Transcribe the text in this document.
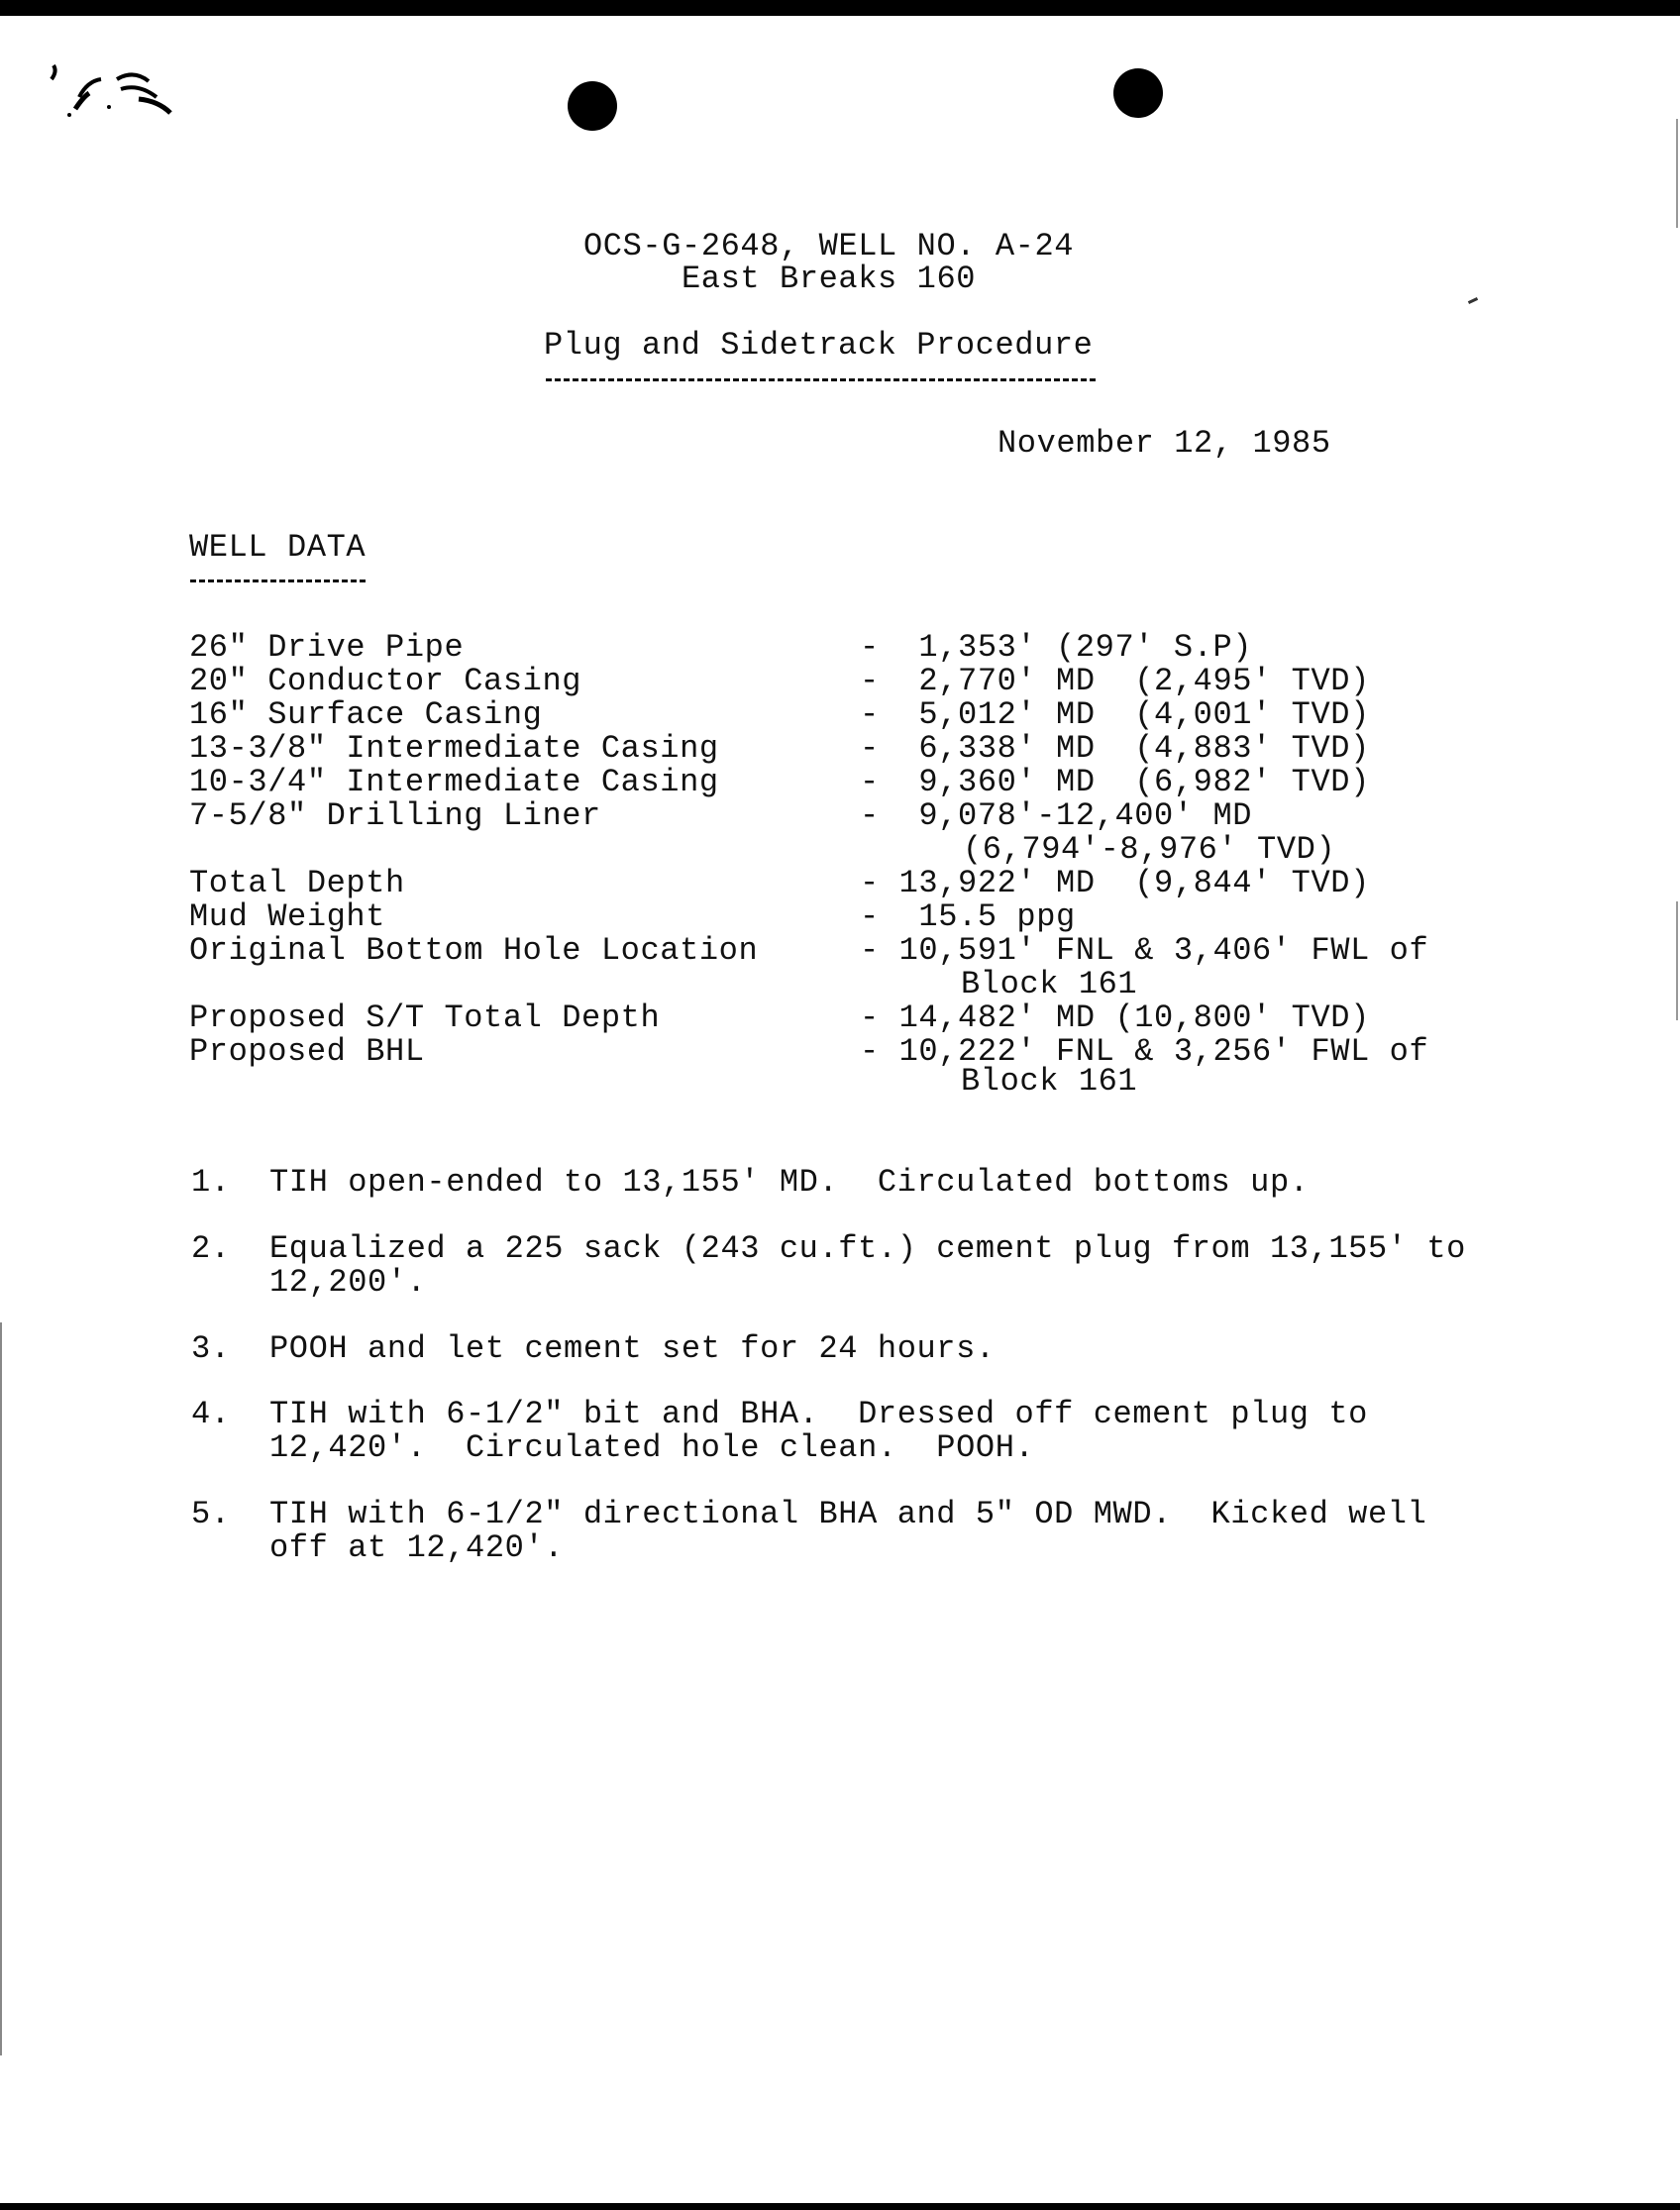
OCS-G-2648, WELL NO. A-24
East Breaks 160
Plug and Sidetrack Procedure
November 12, 1985
WELL DATA
26" Drive Pipe	-  1,353' (297' S.P)
20" Conductor Casing	-  2,770' MD  (2,495' TVD)
16" Surface Casing	-  5,012' MD  (4,001' TVD)
13-3/8" Intermediate Casing	-  6,338' MD  (4,883' TVD)
10-3/4" Intermediate Casing	-  9,360' MD  (6,982' TVD)
7-5/8" Drilling Liner	-  9,078'-12,400' MD
(6,794'-8,976' TVD)
Total Depth	- 13,922' MD  (9,844' TVD)
Mud Weight	-  15.5 ppg
Original Bottom Hole Location	- 10,591' FNL & 3,406' FWL of
Block 161
Proposed S/T Total Depth	- 14,482' MD (10,800' TVD)
Proposed BHL	- 10,222' FNL & 3,256' FWL of
Block 161
1. TIH open-ended to 13,155' MD.  Circulated bottoms up.
2. Equalized a 225 sack (243 cu.ft.) cement plug from 13,155' to
12,200'.
3. POOH and let cement set for 24 hours.
4. TIH with 6-1/2" bit and BHA.  Dressed off cement plug to
12,420'.  Circulated hole clean.  POOH.
5. TIH with 6-1/2" directional BHA and 5" OD MWD.  Kicked well
off at 12,420'.
